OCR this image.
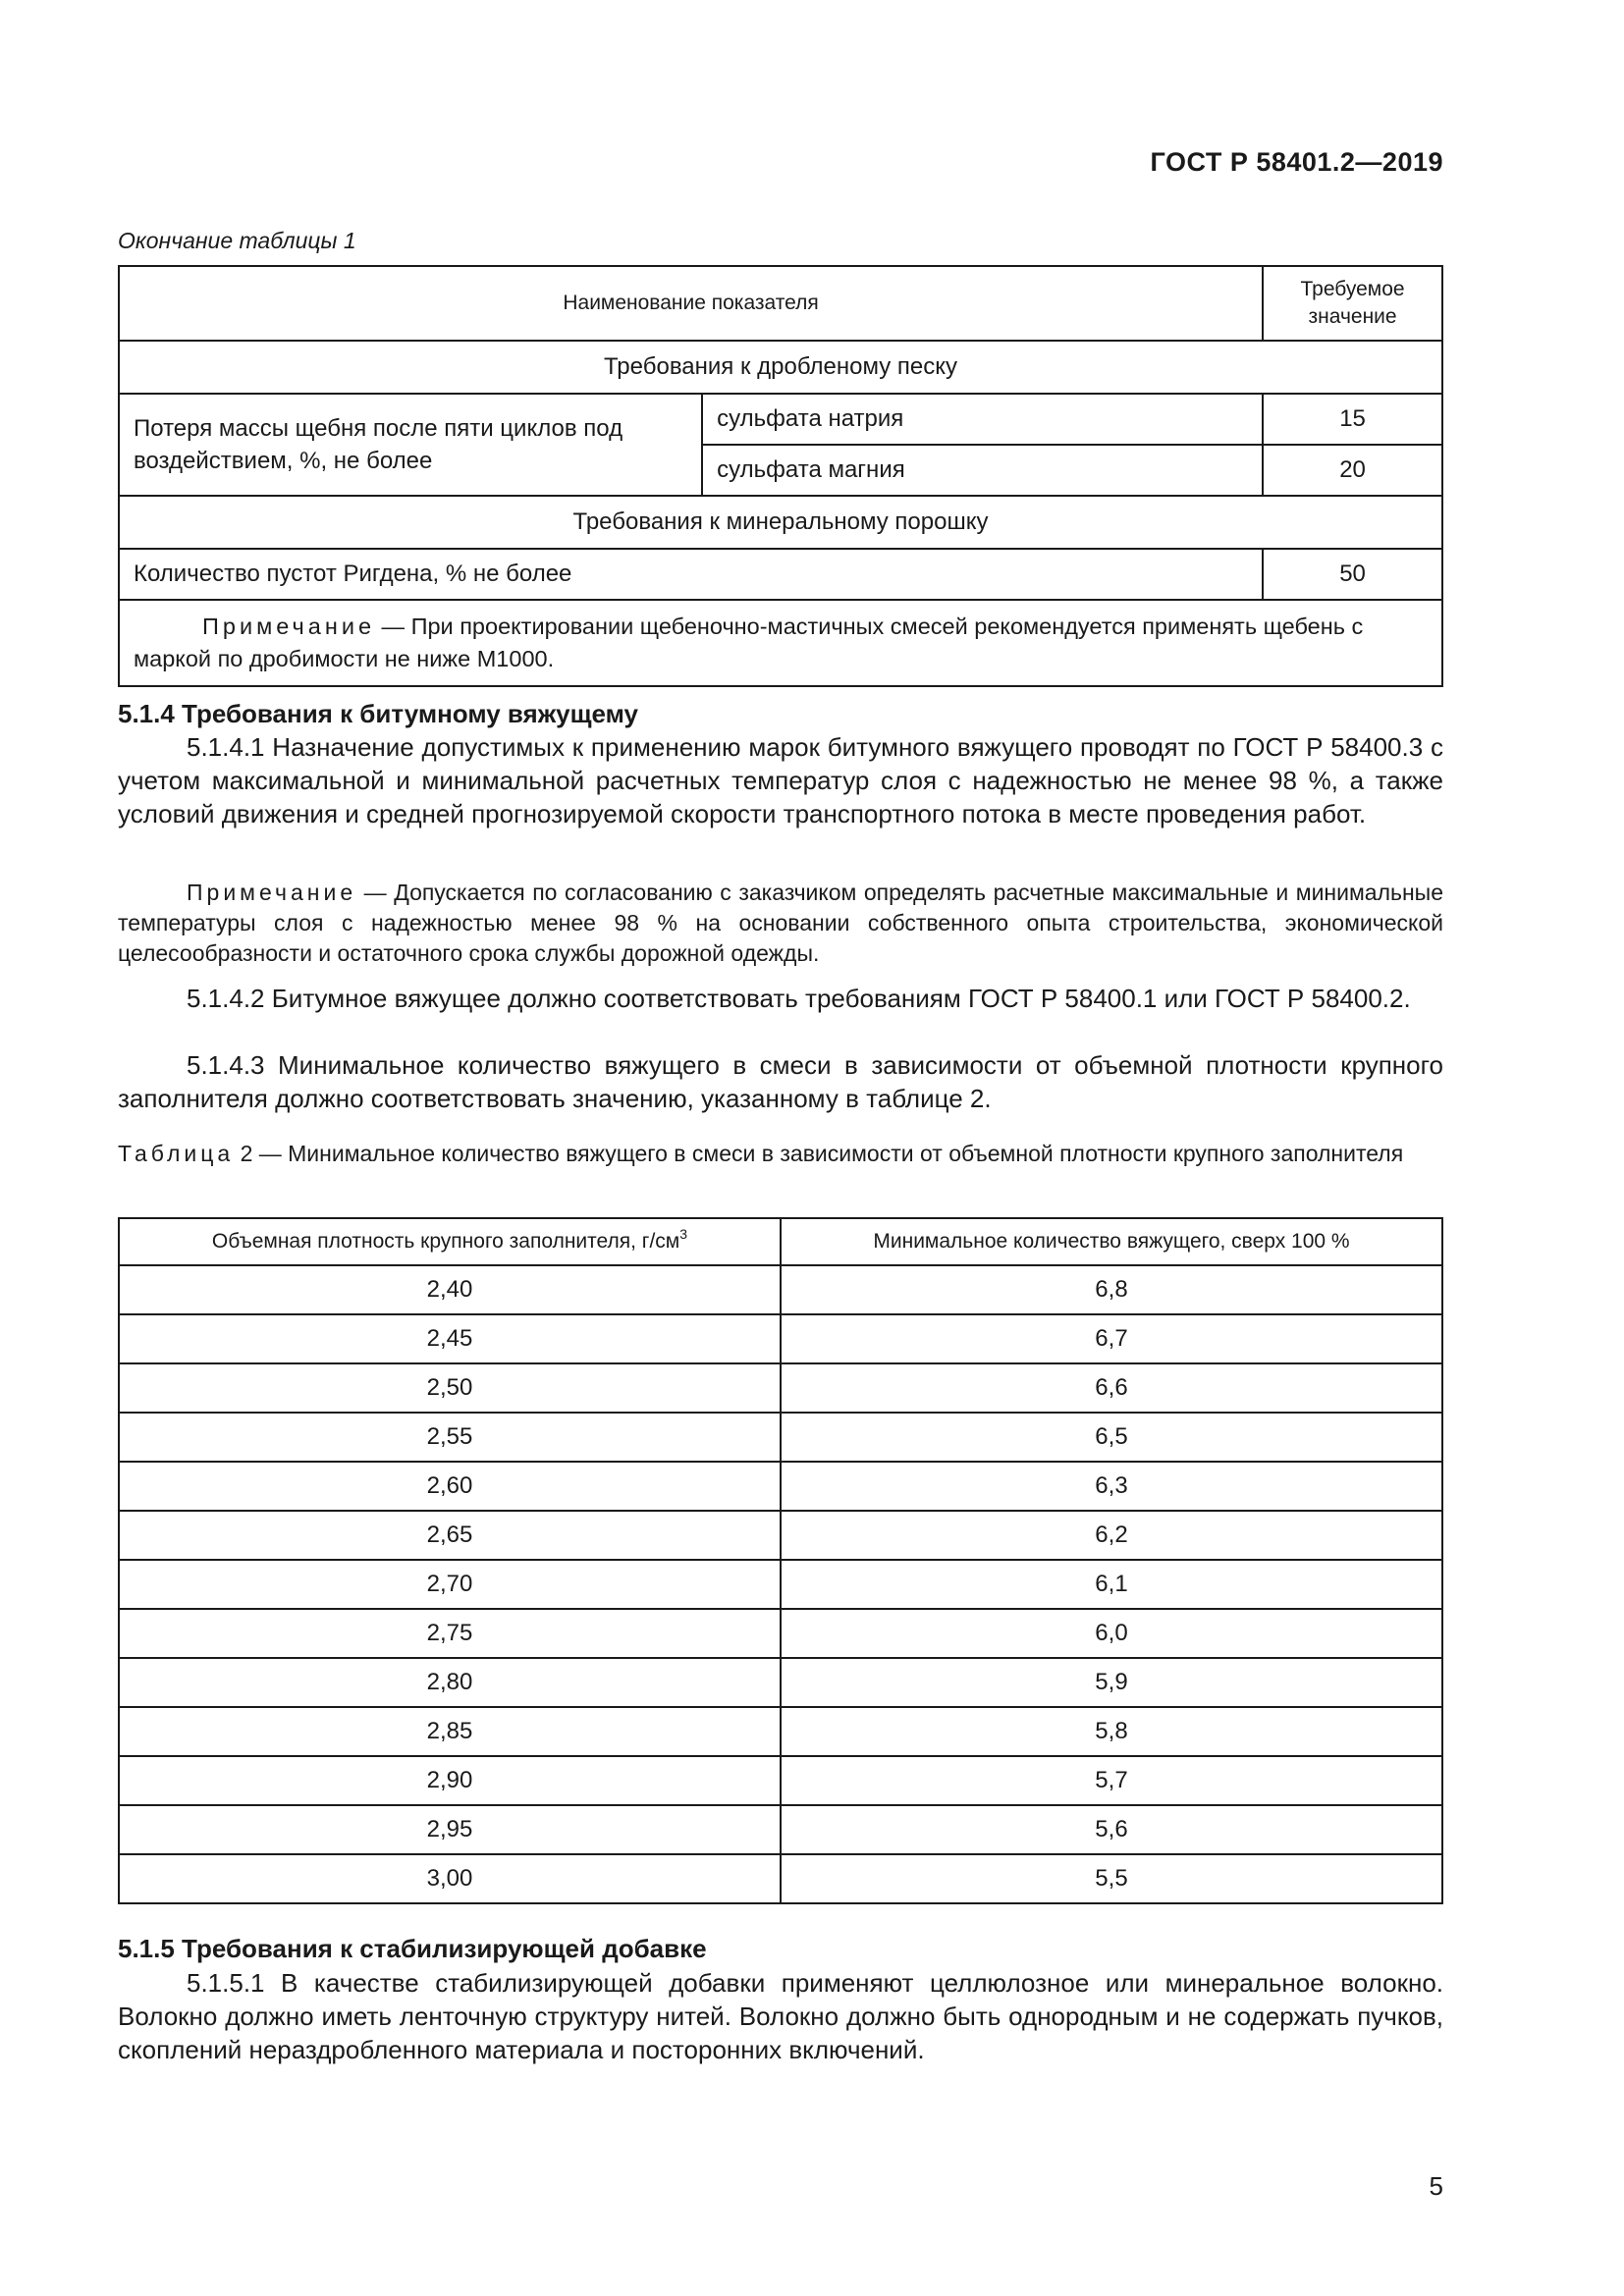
ГОСТ Р 58401.2—2019
Окончание таблицы 1
Наименование показателя		Требуемое значение
Требования к дробленому песку		
Потеря массы щебня после пяти циклов под воздействием, %, не более	сульфата натрия	15
	сульфата магния	20
Требования к минеральному порошку		
Количество пустот Ригдена, % не более		50
Примечание — При проектировании щебеночно-мастичных смесей рекомендуется применять щебень с маркой по дробимости не ниже М1000.		
5.1.4 Требования к битумному вяжущему
5.1.4.1 Назначение допустимых к применению марок битумного вяжущего проводят по ГОСТ Р 58400.3 с учетом максимальной и минимальной расчетных температур слоя с надежностью не менее 98 %, а также условий движения и средней прогнозируемой скорости транспортного потока в месте проведения работ.
Примечание — Допускается по согласованию с заказчиком определять расчетные максимальные и минимальные температуры слоя с надежностью менее 98 % на основании собственного опыта строительства, экономической целесообразности и остаточного срока службы дорожной одежды.
5.1.4.2 Битумное вяжущее должно соответствовать требованиям ГОСТ Р 58400.1 или ГОСТ Р 58400.2.
5.1.4.3 Минимальное количество вяжущего в смеси в зависимости от объемной плотности крупного заполнителя должно соответствовать значению, указанному в таблице 2.
Таблица 2 — Минимальное количество вяжущего в смеси в зависимости от объемной плотности крупного заполнителя
Объемная плотность крупного заполнителя, $г/см^3$	Минимальное количество вяжущего, сверх 100 %
2,40	6,8
2,45	6,7
2,50	6,6
2,55	6,5
2,60	6,3
2,65	6,2
2,70	6,1
2,75	6,0
2,80	5,9
2,85	5,8
2,90	5,7
2,95	5,6
3,00	5,5
5.1.5 Требования к стабилизирующей добавке
5.1.5.1 В качестве стабилизирующей добавки применяют целлюлозное или минеральное волокно. Волокно должно иметь ленточную структуру нитей. Волокно должно быть однородным и не содержать пучков, скоплений нераздробленного материала и посторонних включений.
5
